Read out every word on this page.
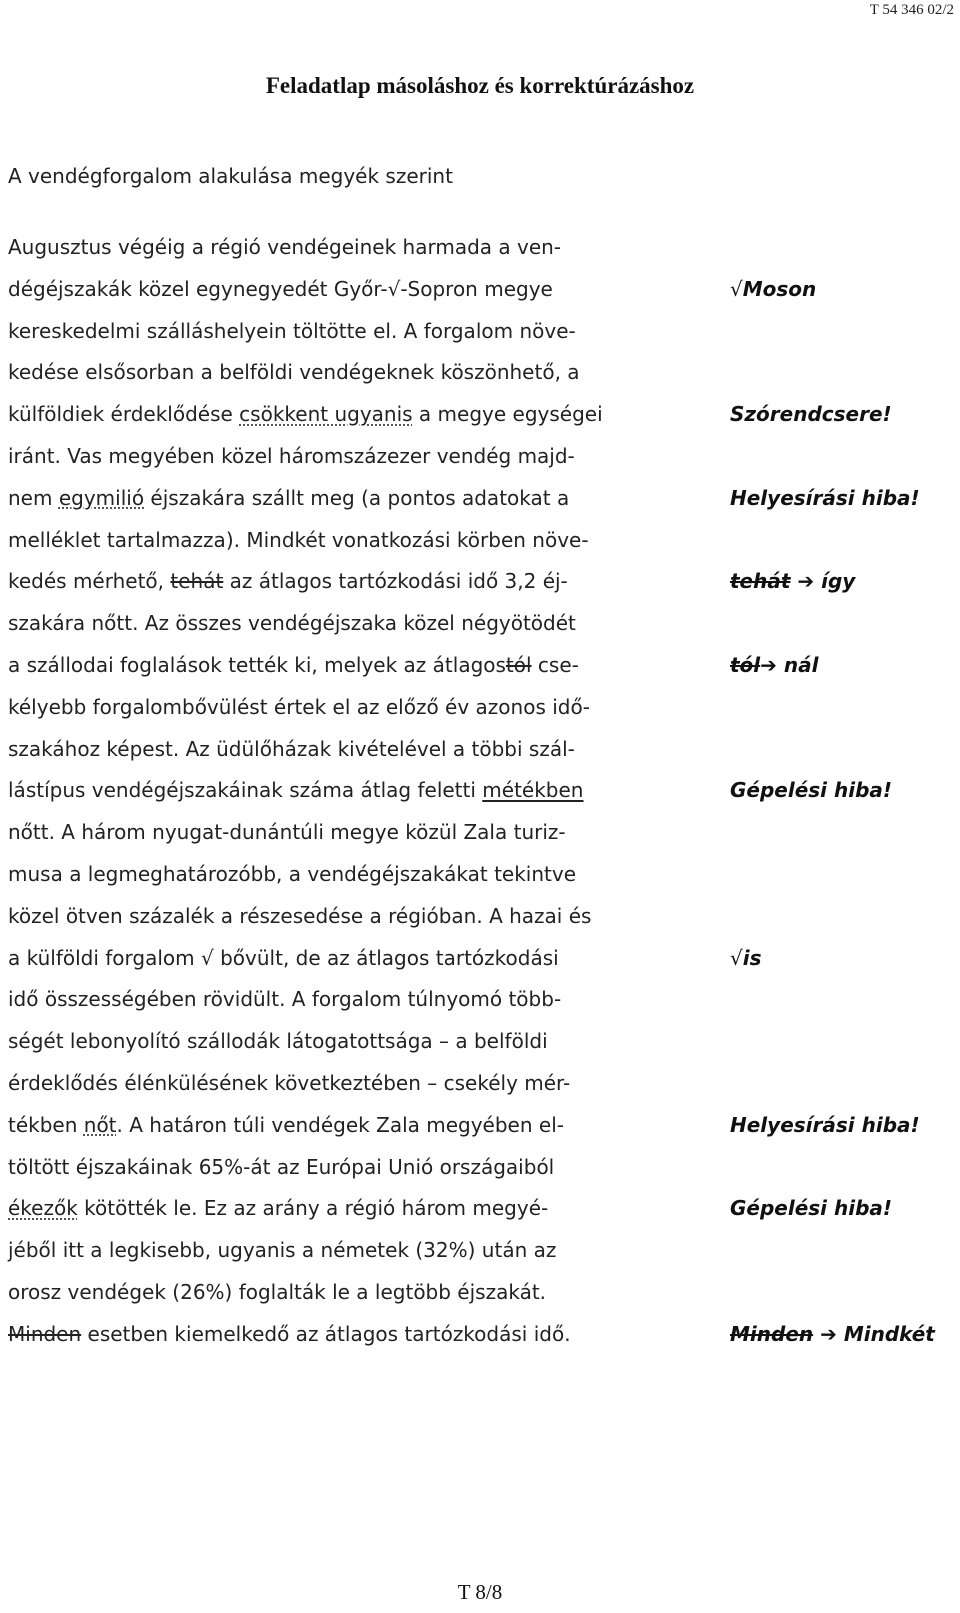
T 54 346 02/2
Feladatlap másoláshoz és korrektúrázáshoz
A vendégforgalom alakulása megyék szerint
Augusztus végéig a régió vendégeinek harmada a ven-
dégéjszakák közel egynegyedét Győr-√-Sopron megye
kereskedelmi szálláshelyein töltötte el. A forgalom növe-
kedése elsősorban a belföldi vendégeknek köszönhető, a
külföldiek érdeklődése csökkent ugyanis a megye egységei
iránt. Vas megyében közel háromszázezer vendég majd-
nem egymilió éjszakára szállt meg (a pontos adatokat a
melléklet tartalmazza). Mindkét vonatkozási körben növe-
kedés mérhető, tehát az átlagos tartózkodási idő 3,2 éj-
szakára nőtt. Az összes vendégéjszaka közel négyötödét
a szállodai foglalások tették ki, melyek az átlagostól cse-
kélyebb forgalombővülést értek el az előző év azonos idő-
szakához képest. Az üdülőházak kivételével a többi szál-
lástípus vendégéjszakáinak száma átlag feletti métékben
nőtt. A három nyugat-dunántúli megye közül Zala turiz-
musa a legmeghatározóbb, a vendégéjszakákat tekintve
közel ötven százalék a részesedése a régióban. A hazai és
a külföldi forgalom √ bővült, de az átlagos tartózkodási
idő összességében rövidült. A forgalom túlnyomó több-
ségét lebonyolító szállodák látogatottsága – a belföldi
érdeklődés élénkülésének következtében – csekély mér-
tékben nőt. A határon túli vendégek Zala megyében el-
töltött éjszakáinak 65%-át az Európai Unió országaiból
ékezők kötötték le. Ez az arány a régió három megyé-
jéből itt a legkisebb, ugyanis a németek (32%) után az
orosz vendégek (26%) foglalták le a legtöbb éjszakát.
Minden esetben kiemelkedő az átlagos tartózkodási idő.
√Moson
Szórendcsere!
Helyesírási hiba!
tehát ➔ így
tól➔ nál
Gépelési hiba!
√is
Helyesírási hiba!
Gépelési hiba!
Minden ➔ Mindkét
T 8/8
